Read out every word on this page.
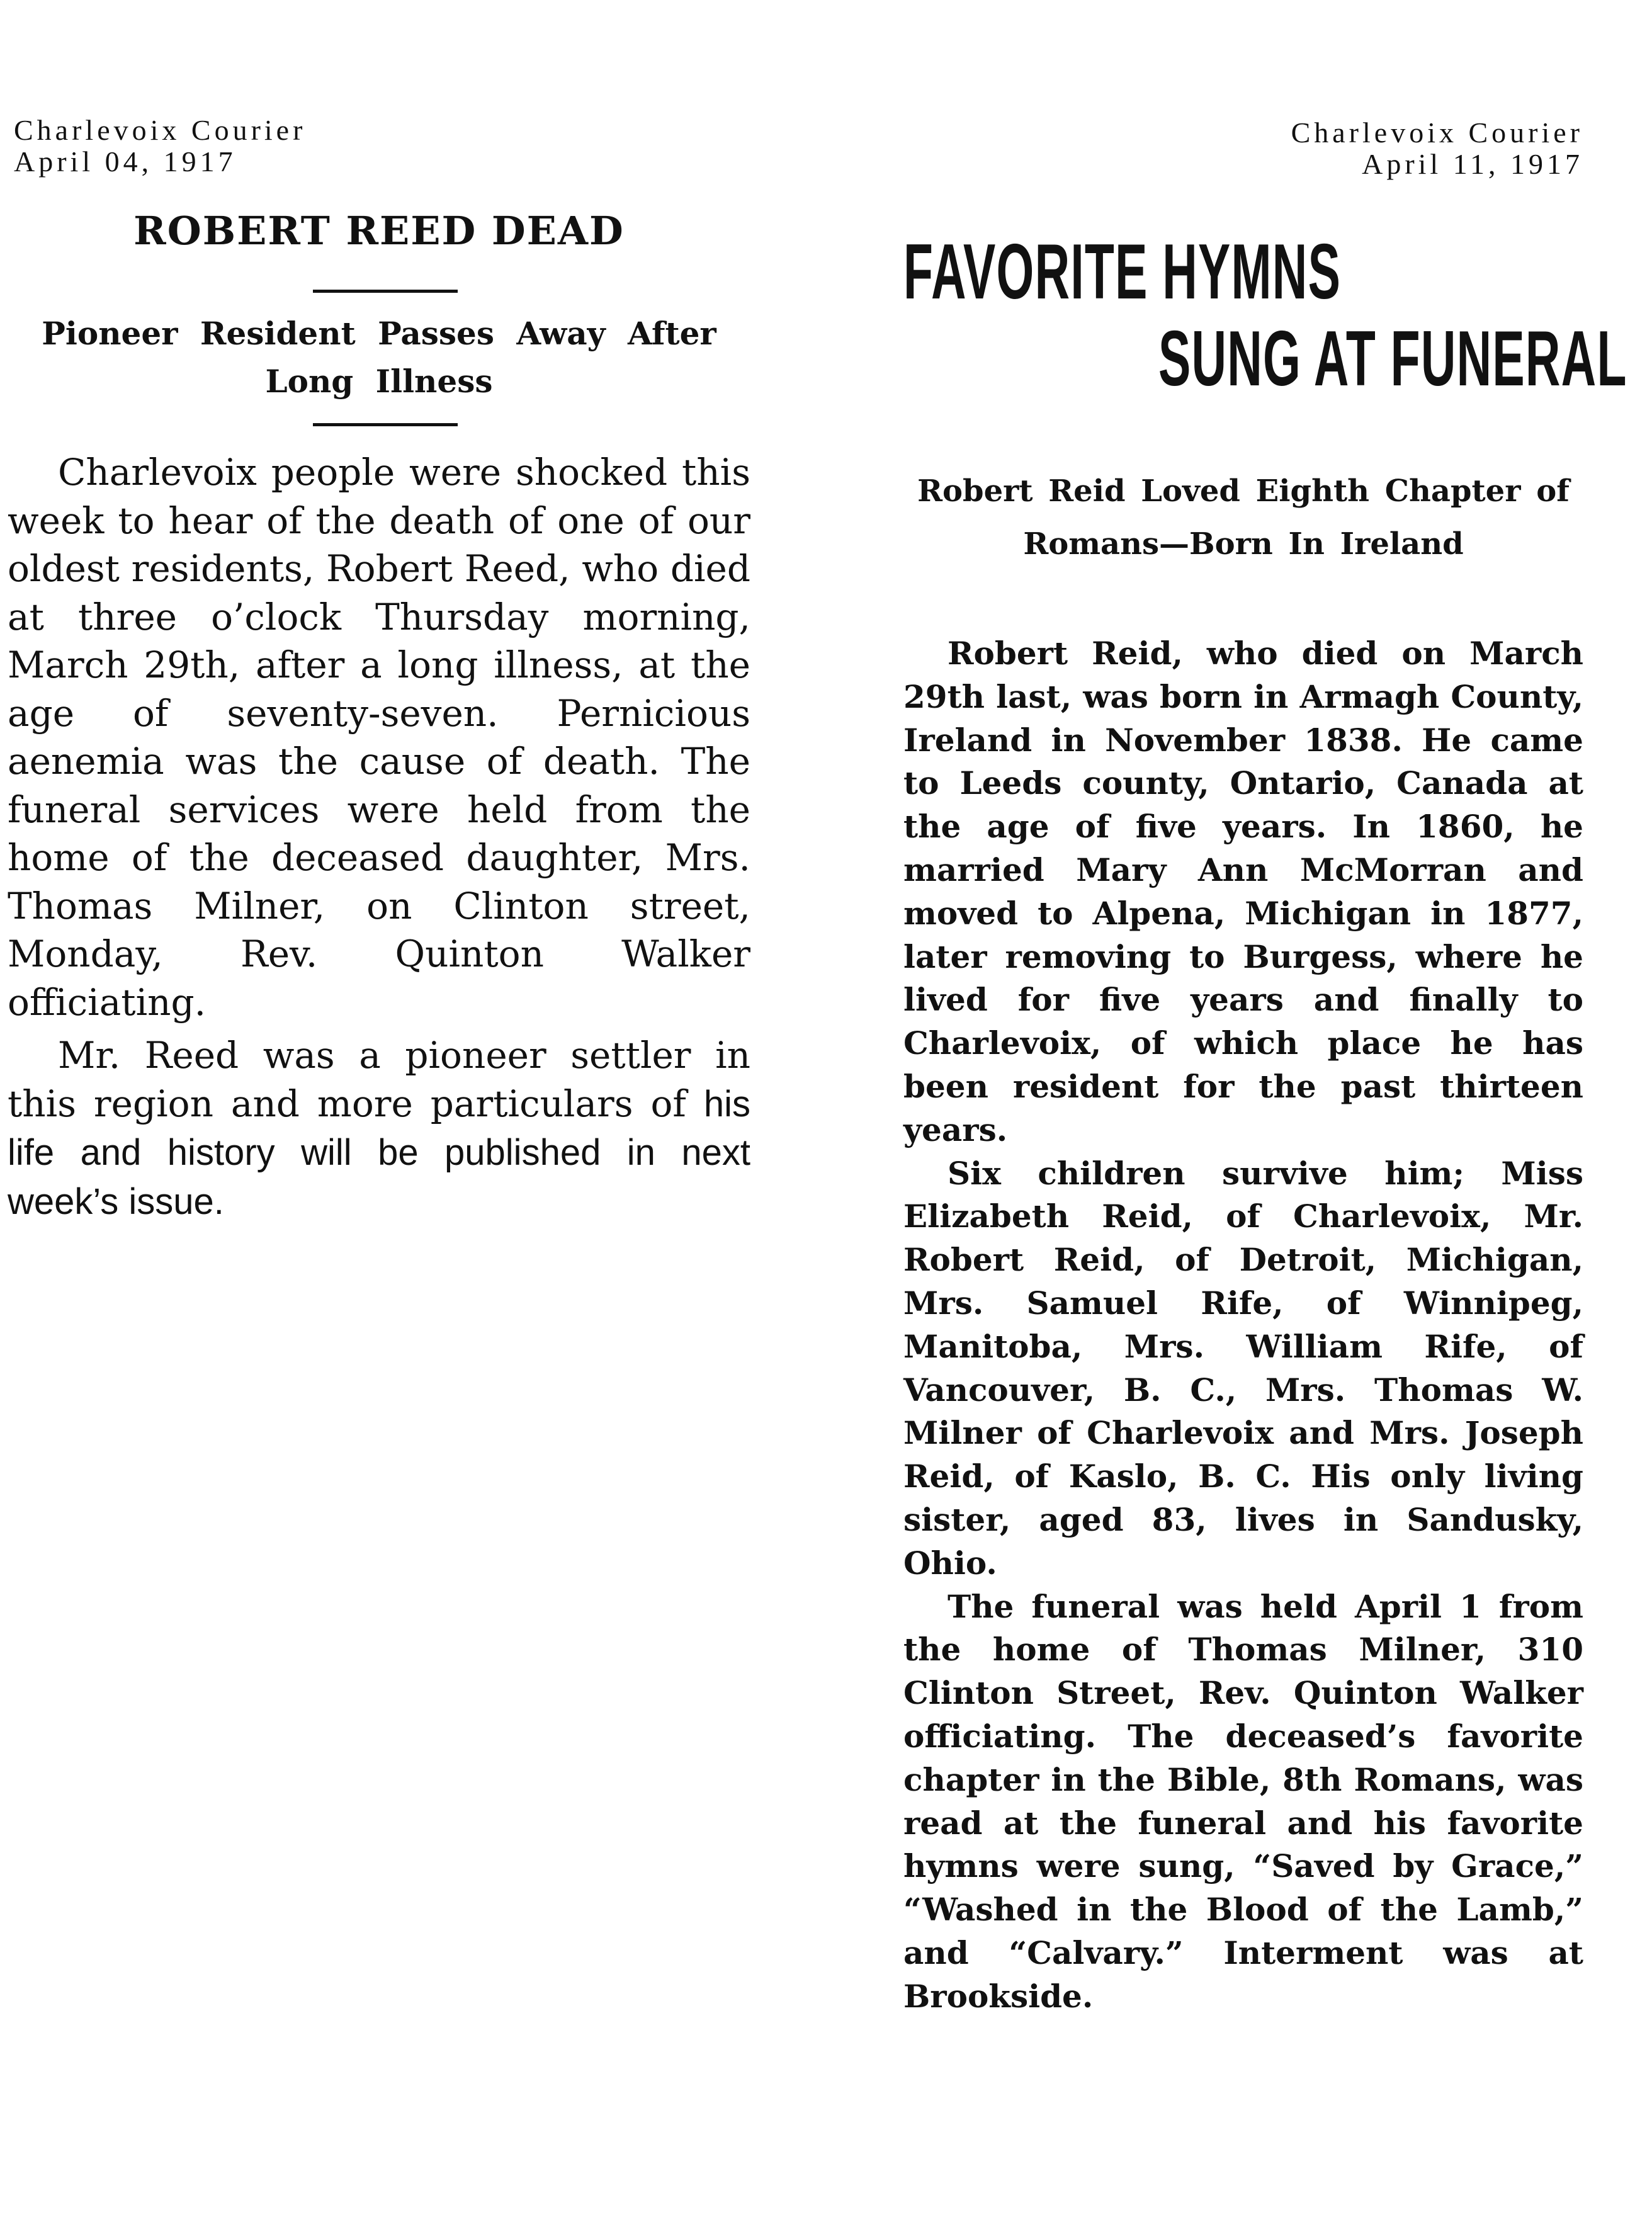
Charlevoix Courier
April 04, 1917
ROBERT REED DEAD
Pioneer Resident Passes Away After Long Illness

Charlevoix people were shocked this week to hear of the death of one of our oldest residents, Robert Reed, who died at three o’clock Thursday morning, March 29th, after a long illness, at the age of seventy-seven. Pernicious aenemia was the cause of death. The funeral services were held from the home of the deceased daughter, Mrs. Thomas Milner, on Clinton street, Monday, Rev. Quinton Walker officiating.

Mr. Reed was a pioneer settler in this region and more particulars of his life and history will be published in next week’s issue.

Charlevoix Courier
April 11, 1917
FAVORITE HYMNS
SUNG AT FUNERAL
Robert Reid Loved Eighth Chapter of Romans—Born In Ireland

Robert Reid, who died on March 29th last, was born in Armagh County, Ireland in November 1838. He came to Leeds county, Ontario, Canada at the age of five years. In 1860, he married Mary Ann McMorran and moved to Alpena, Michigan in 1877, later removing to Burgess, where he lived for five years and finally to Charlevoix, of which place he has been resident for the past thirteen years.

Six children survive him; Miss Elizabeth Reid, of Charlevoix, Mr. Robert Reid, of Detroit, Michigan, Mrs. Samuel Rife, of Winnipeg, Manitoba, Mrs. William Rife, of Vancouver, B. C., Mrs. Thomas W. Milner of Charlevoix and Mrs. Joseph Reid, of Kaslo, B. C. His only living sister, aged 83, lives in Sandusky, Ohio.

The funeral was held April 1 from the home of Thomas Milner, 310 Clinton Street, Rev. Quinton Walker officiating. The deceased’s favorite chapter in the Bible, 8th Romans, was read at the funeral and his favorite hymns were sung, “Saved by Grace,” “Washed in the Blood of the Lamb,” and “Calvary.” Interment was at Brookside.
